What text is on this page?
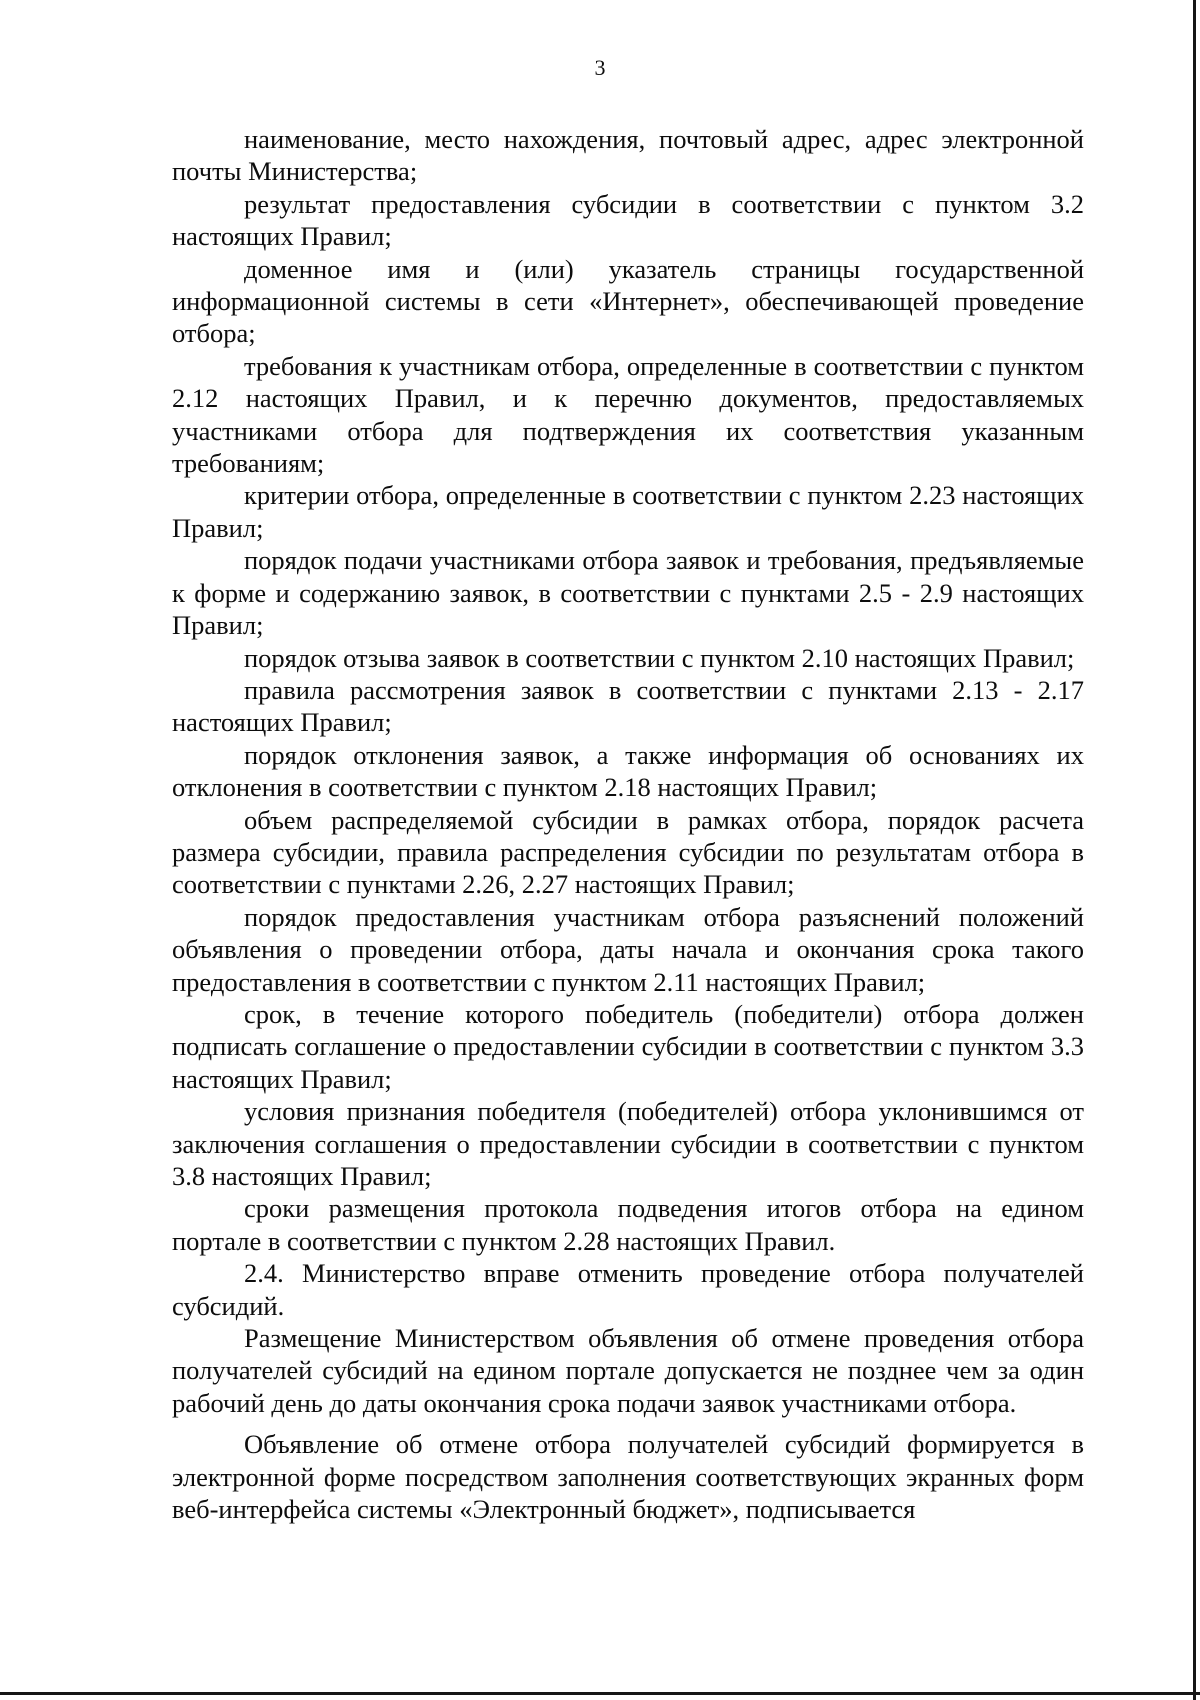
3

наименование, место нахождения, почтовый адрес, адрес электронной почты Министерства;

результат предоставления субсидии в соответствии с пунктом 3.2 настоящих Правил;

доменное имя и (или) указатель страницы государственной информационной системы в сети «Интернет», обеспечивающей проведение отбора;

требования к участникам отбора, определенные в соответствии с пунктом 2.12 настоящих Правил, и к перечню документов, предоставляемых участниками отбора для подтверждения их соответствия указанным требованиям;

критерии отбора, определенные в соответствии с пунктом 2.23 настоящих Правил;

порядок подачи участниками отбора заявок и требования, предъявляемые к форме и содержанию заявок, в соответствии с пунктами 2.5 - 2.9 настоящих Правил;

порядок отзыва заявок в соответствии с пунктом 2.10 настоящих Правил;

правила рассмотрения заявок в соответствии с пунктами 2.13 - 2.17 настоящих Правил;

порядок отклонения заявок, а также информация об основаниях их отклонения в соответствии с пунктом 2.18 настоящих Правил;

объем распределяемой субсидии в рамках отбора, порядок расчета размера субсидии, правила распределения субсидии по результатам отбора в соответствии с пунктами 2.26, 2.27 настоящих Правил;

порядок предоставления участникам отбора разъяснений положений объявления о проведении отбора, даты начала и окончания срока такого предоставления в соответствии с пунктом 2.11 настоящих Правил;

срок, в течение которого победитель (победители) отбора должен подписать соглашение о предоставлении субсидии в соответствии с пунктом 3.3 настоящих Правил;

условия признания победителя (победителей) отбора уклонившимся от заключения соглашения о предоставлении субсидии в соответствии с пунктом 3.8 настоящих Правил;

сроки размещения протокола подведения итогов отбора на едином портале в соответствии с пунктом 2.28 настоящих Правил.

2.4. Министерство вправе отменить проведение отбора получателей субсидий.

Размещение Министерством объявления об отмене проведения отбора получателей субсидий на едином портале допускается не позднее чем за один рабочий день до даты окончания срока подачи заявок участниками отбора.

Объявление об отмене отбора получателей субсидий формируется в электронной форме посредством заполнения соответствующих экранных форм веб-интерфейса системы «Электронный бюджет», подписывается
